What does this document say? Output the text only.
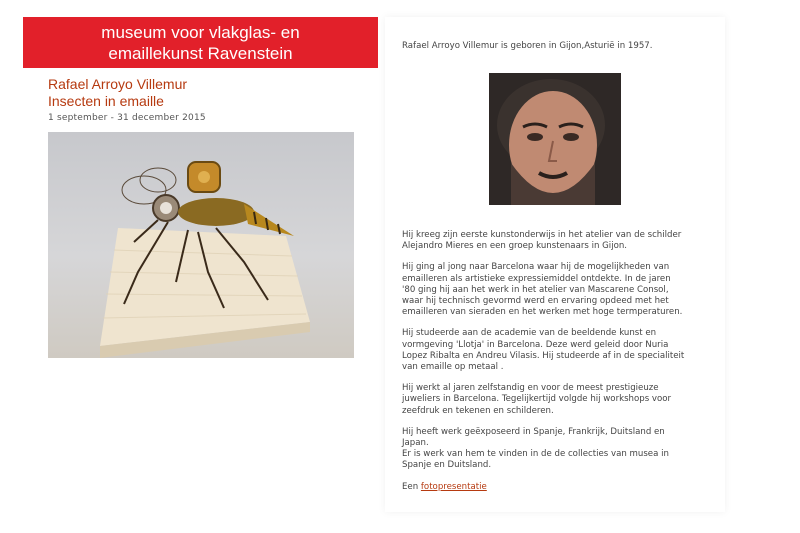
museum voor vlakglas- en
emaillekunst Ravenstein
Rafael Arroyo Villemur
Insecten in emaille
1 september - 31 december 2015

Rafael Arroyo Villemur is geboren in Gijon,Asturië in 1957.

Hij kreeg zijn eerste kunstonderwijs in het atelier van de schilder
Alejandro Mieres en een groep kunstenaars in Gijon.

Hij ging al jong naar Barcelona waar hij de mogelijkheden van
emailleren als artistieke expressiemiddel ontdekte. In de jaren
'80 ging hij aan het werk in het atelier van Mascarene Consol,
waar hij technisch gevormd werd en ervaring opdeed met het
emailleren van sieraden en het werken met hoge termperaturen.

Hij studeerde aan de academie van de beeldende kunst en
vormgeving 'Llotja' in Barcelona. Deze werd geleid door Nuria
Lopez Ribalta en Andreu Vilasis. Hij studeerde af in de specialiteit
van emaille op metaal .

Hij werkt al jaren zelfstandig en voor de meest prestigieuze
juweliers in Barcelona. Tegelijkertijd volgde hij workshops voor
zeefdruk en tekenen en schilderen.

Hij heeft werk geëxposeerd in Spanje, Frankrijk, Duitsland en
Japan.
Er is werk van hem te vinden in de de collecties van musea in
Spanje en Duitsland.

Een fotopresentatie
